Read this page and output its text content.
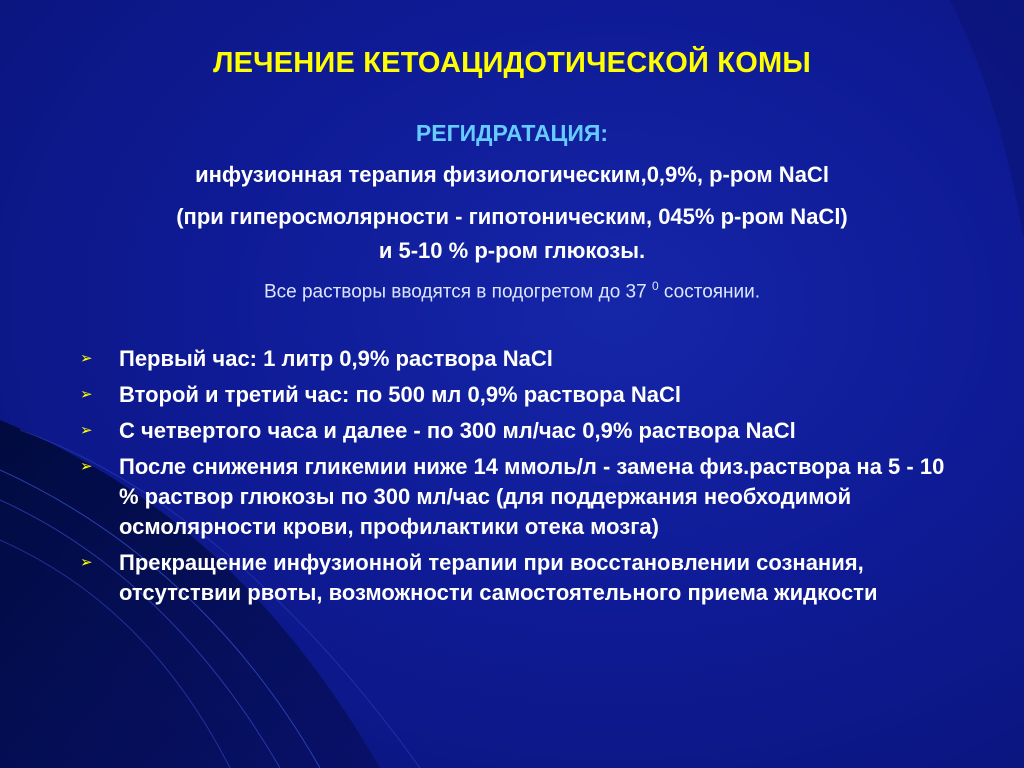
ЛЕЧЕНИЕ КЕТОАЦИДОТИЧЕСКОЙ КОМЫ
РЕГИДРАТАЦИЯ:
инфузионная терапия физиологическим,0,9%, р-ром NaCl
(при гиперосмолярности - гипотоническим, 045% р-ром NaCl)
и 5-10 % р-ром глюкозы.
Все растворы вводятся в подогретом до 37 $^0$ состоянии.
➢ Первый час: 1 литр 0,9% раствора NaCl
➢ Второй и третий час: по 500 мл 0,9% раствора NaCl
➢ С четвертого часа и далее - по 300 мл/час 0,9% раствора NaCl
➢ После снижения гликемии ниже 14 ммоль/л - замена физ.раствора на 5 - 10 % раствор глюкозы по 300 мл/час (для поддержания необходимой осмолярности крови, профилактики отека мозга)
➢ Прекращение инфузионной терапии при восстановлении сознания, отсутствии рвоты, возможности самостоятельного приема жидкости
